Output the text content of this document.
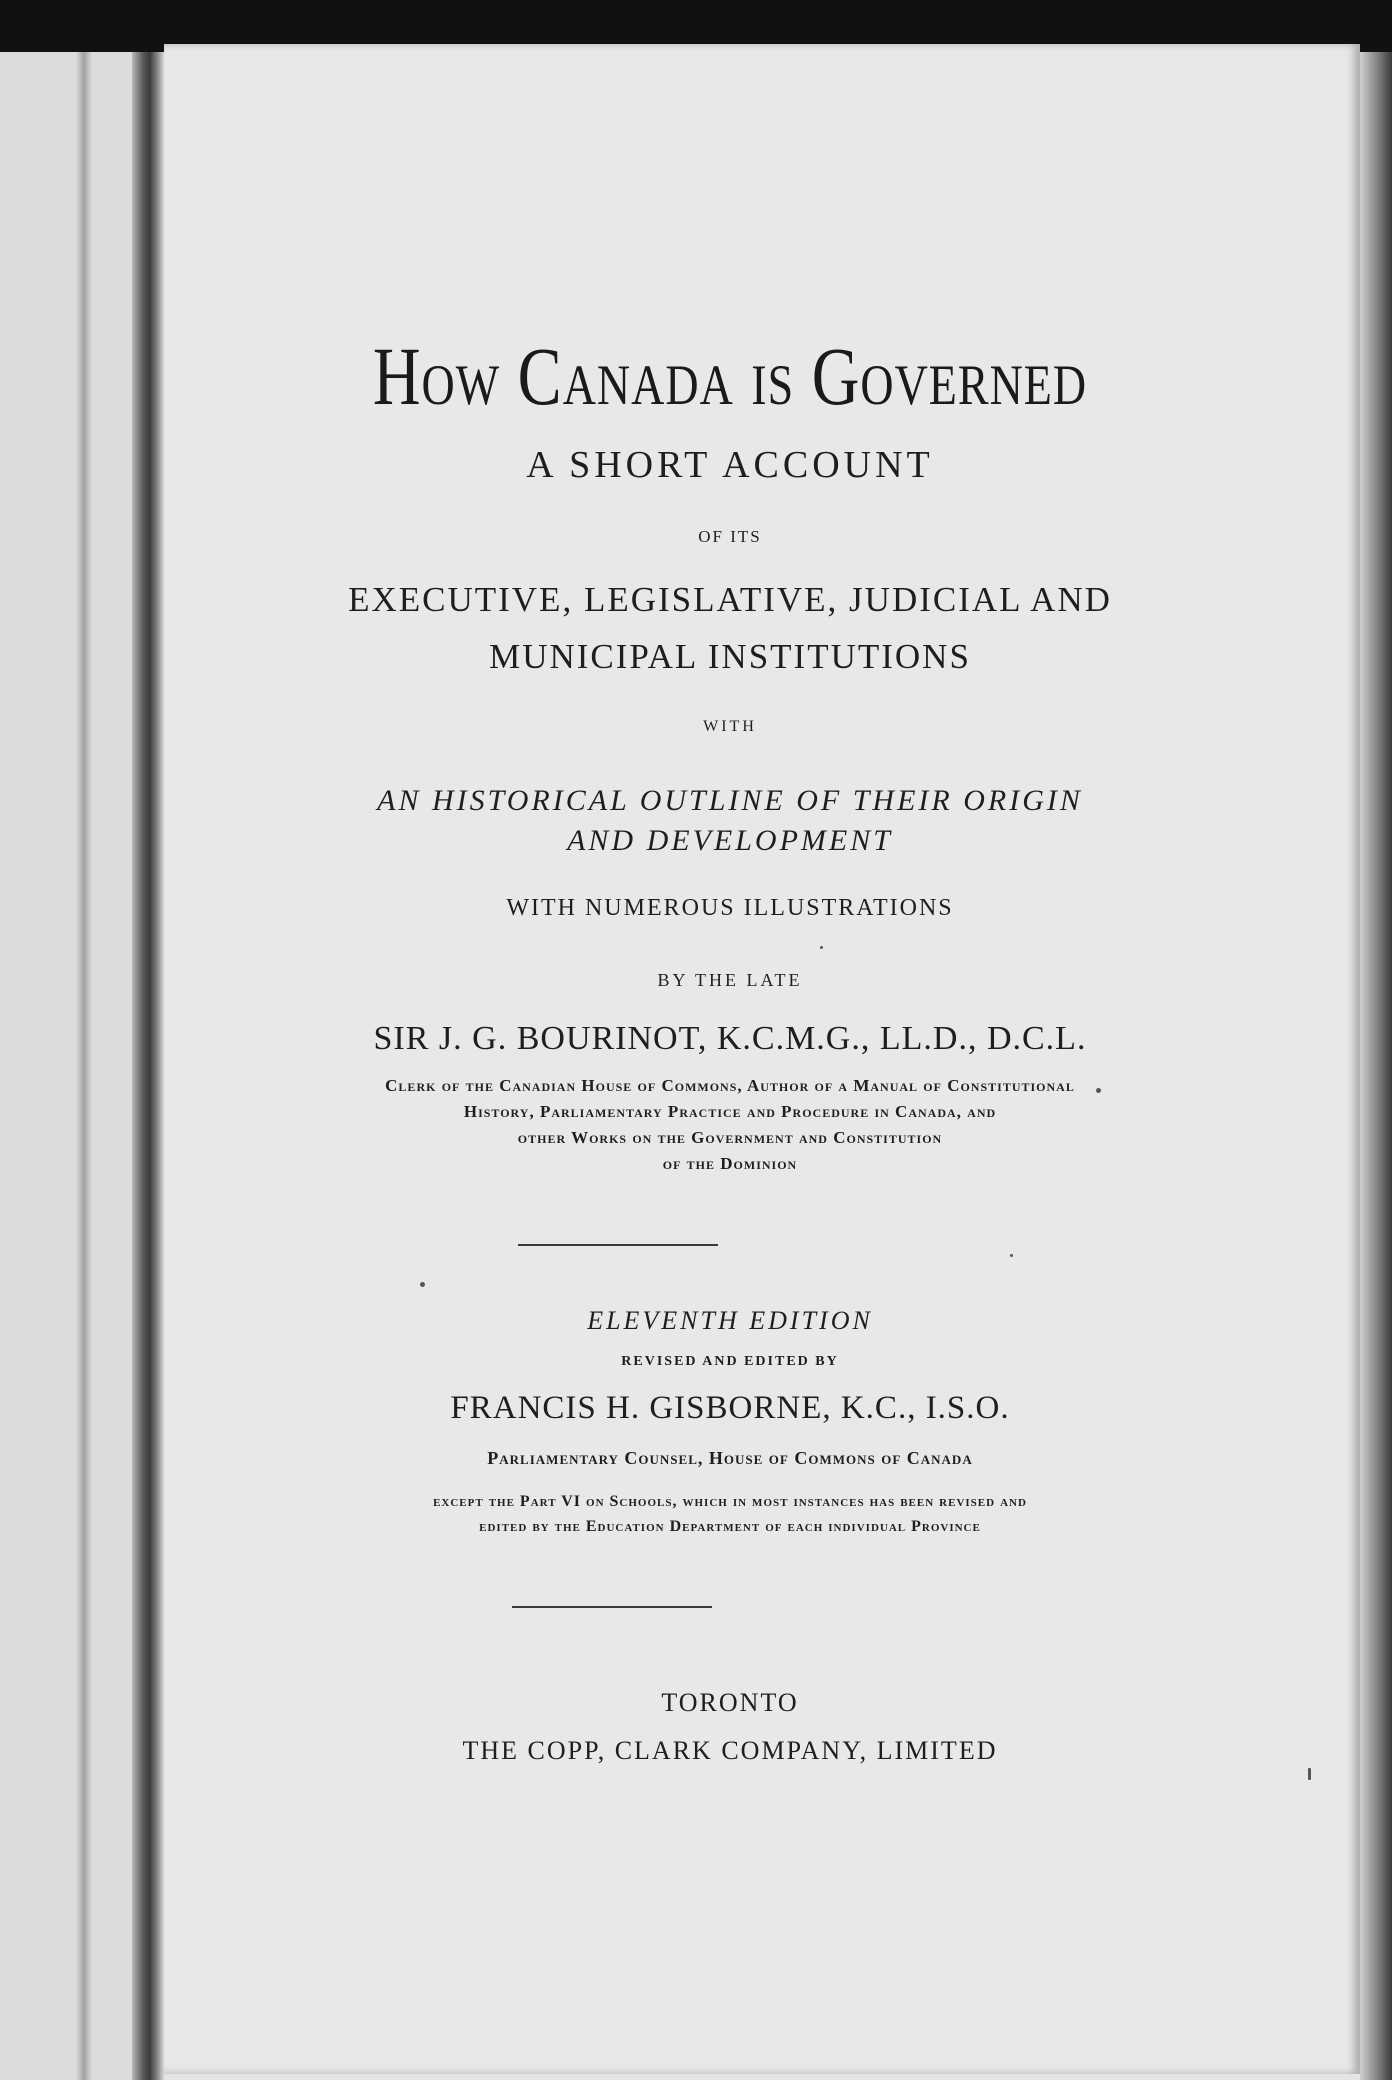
How Canada is Governed
A SHORT ACCOUNT
OF ITS
EXECUTIVE, LEGISLATIVE, JUDICIAL AND
MUNICIPAL INSTITUTIONS
WITH
AN HISTORICAL OUTLINE OF THEIR ORIGIN
AND DEVELOPMENT
WITH NUMEROUS ILLUSTRATIONS
BY THE LATE
SIR J. G. BOURINOT, K.C.M.G., LL.D., D.C.L.
Clerk of the Canadian House of Commons, Author of a Manual of Constitutional
History, Parliamentary Practice and Procedure in Canada, and
other Works on the Government and Constitution
of the Dominion
ELEVENTH EDITION
REVISED AND EDITED BY
FRANCIS H. GISBORNE, K.C., I.S.O.
Parliamentary Counsel, House of Commons of Canada
except the Part VI on Schools, which in most instances has been revised and
edited by the Education Department of each individual Province
TORONTO
THE COPP, CLARK COMPANY, LIMITED
